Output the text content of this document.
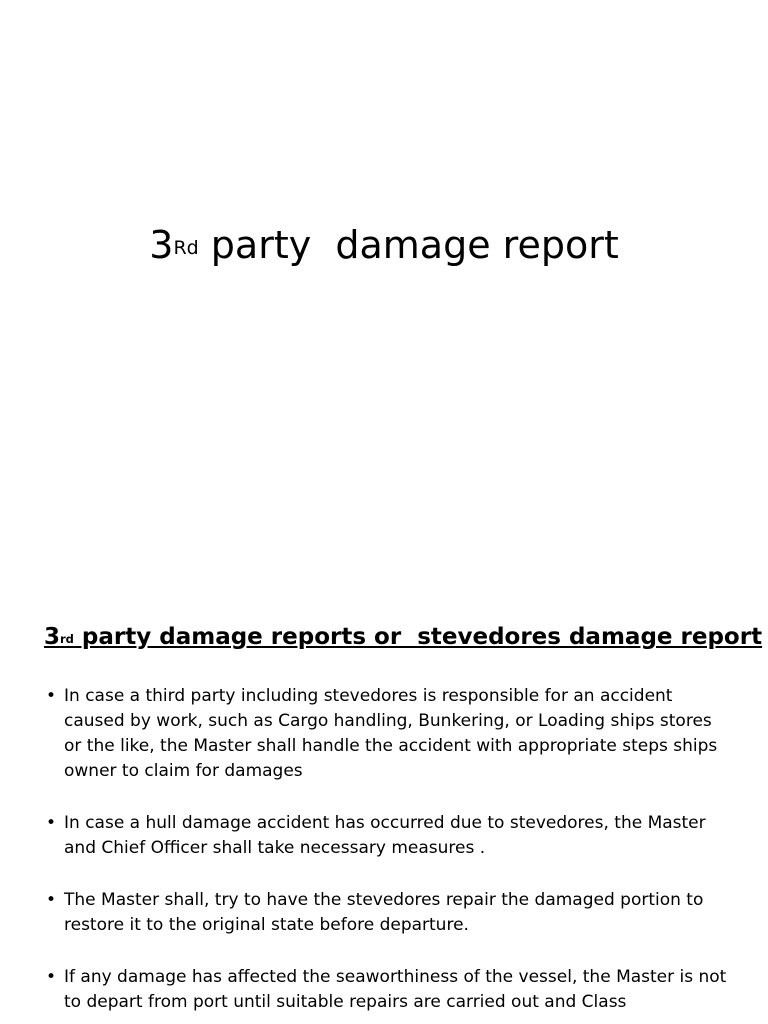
3Rd party  damage report
3rd party damage reports or  stevedores damage report
• In case a third party including stevedores is responsible for an accident caused by work, such as Cargo handling, Bunkering, or Loading ships stores or the like, the Master shall handle the accident with appropriate steps ships owner to claim for damages
• In case a hull damage accident has occurred due to stevedores, the Master and Chief Officer shall take necessary measures .
• The Master shall, try to have the stevedores repair the damaged portion to restore it to the original state before departure.
• If any damage has affected the seaworthiness of the vessel, the Master is not to depart from port until suitable repairs are carried out and Class
